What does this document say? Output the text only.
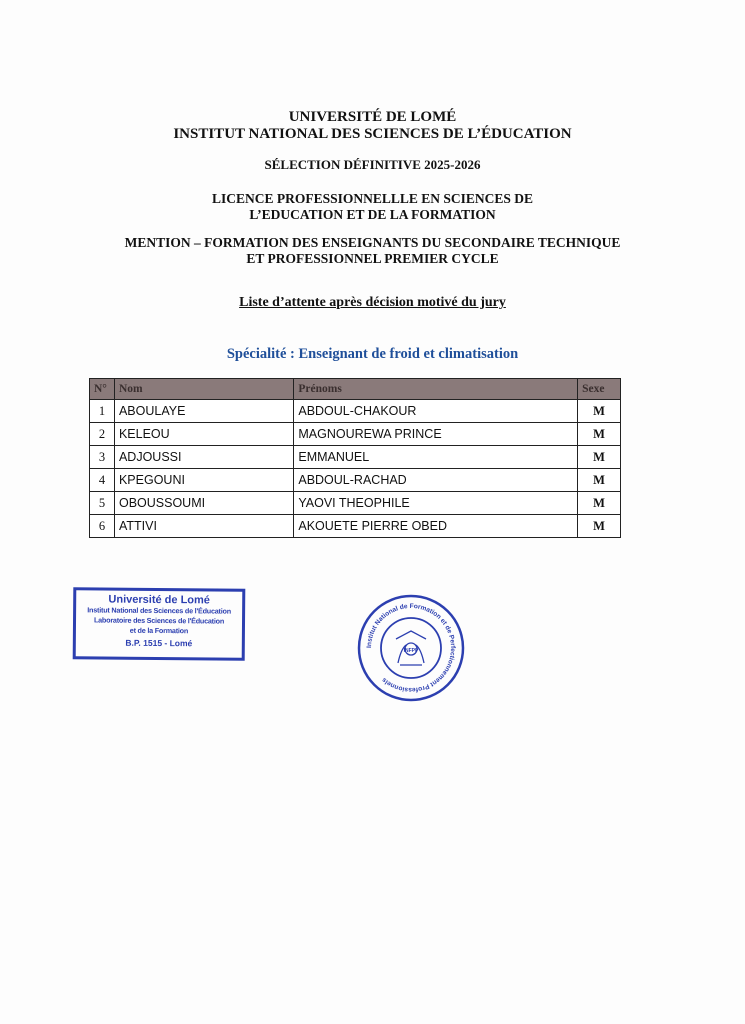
UNIVERSITÉ DE LOMÉ
INSTITUT NATIONAL DES SCIENCES DE L’ÉDUCATION
SÉLECTION DÉFINITIVE 2025-2026
LICENCE PROFESSIONNELLLE EN SCIENCES DE
L’EDUCATION ET DE LA FORMATION
MENTION – FORMATION DES ENSEIGNANTS DU SECONDAIRE TECHNIQUE
ET PROFESSIONNEL PREMIER CYCLE
Liste d’attente après décision motivé du jury
Spécialité : Enseignant de froid et climatisation
N°	Nom	Prénoms	Sexe
1	ABOULAYE	ABDOUL-CHAKOUR	M
2	KELEOU	MAGNOUREWA PRINCE	M
3	ADJOUSSI	EMMANUEL	M
4	KPEGOUNI	ABDOUL-RACHAD	M
5	OBOUSSOUMI	YAOVI THEOPHILE	M
6	ATTIVI	AKOUETE PIERRE OBED	M
Université de Lomé
Institut National des Sciences de l'Éducation
Laboratoire des Sciences de l'Éducation
et de la Formation
B.P. 1515 - Lomé	Institut National de Formation et de Perfectionnement Professionnels
INFPP
